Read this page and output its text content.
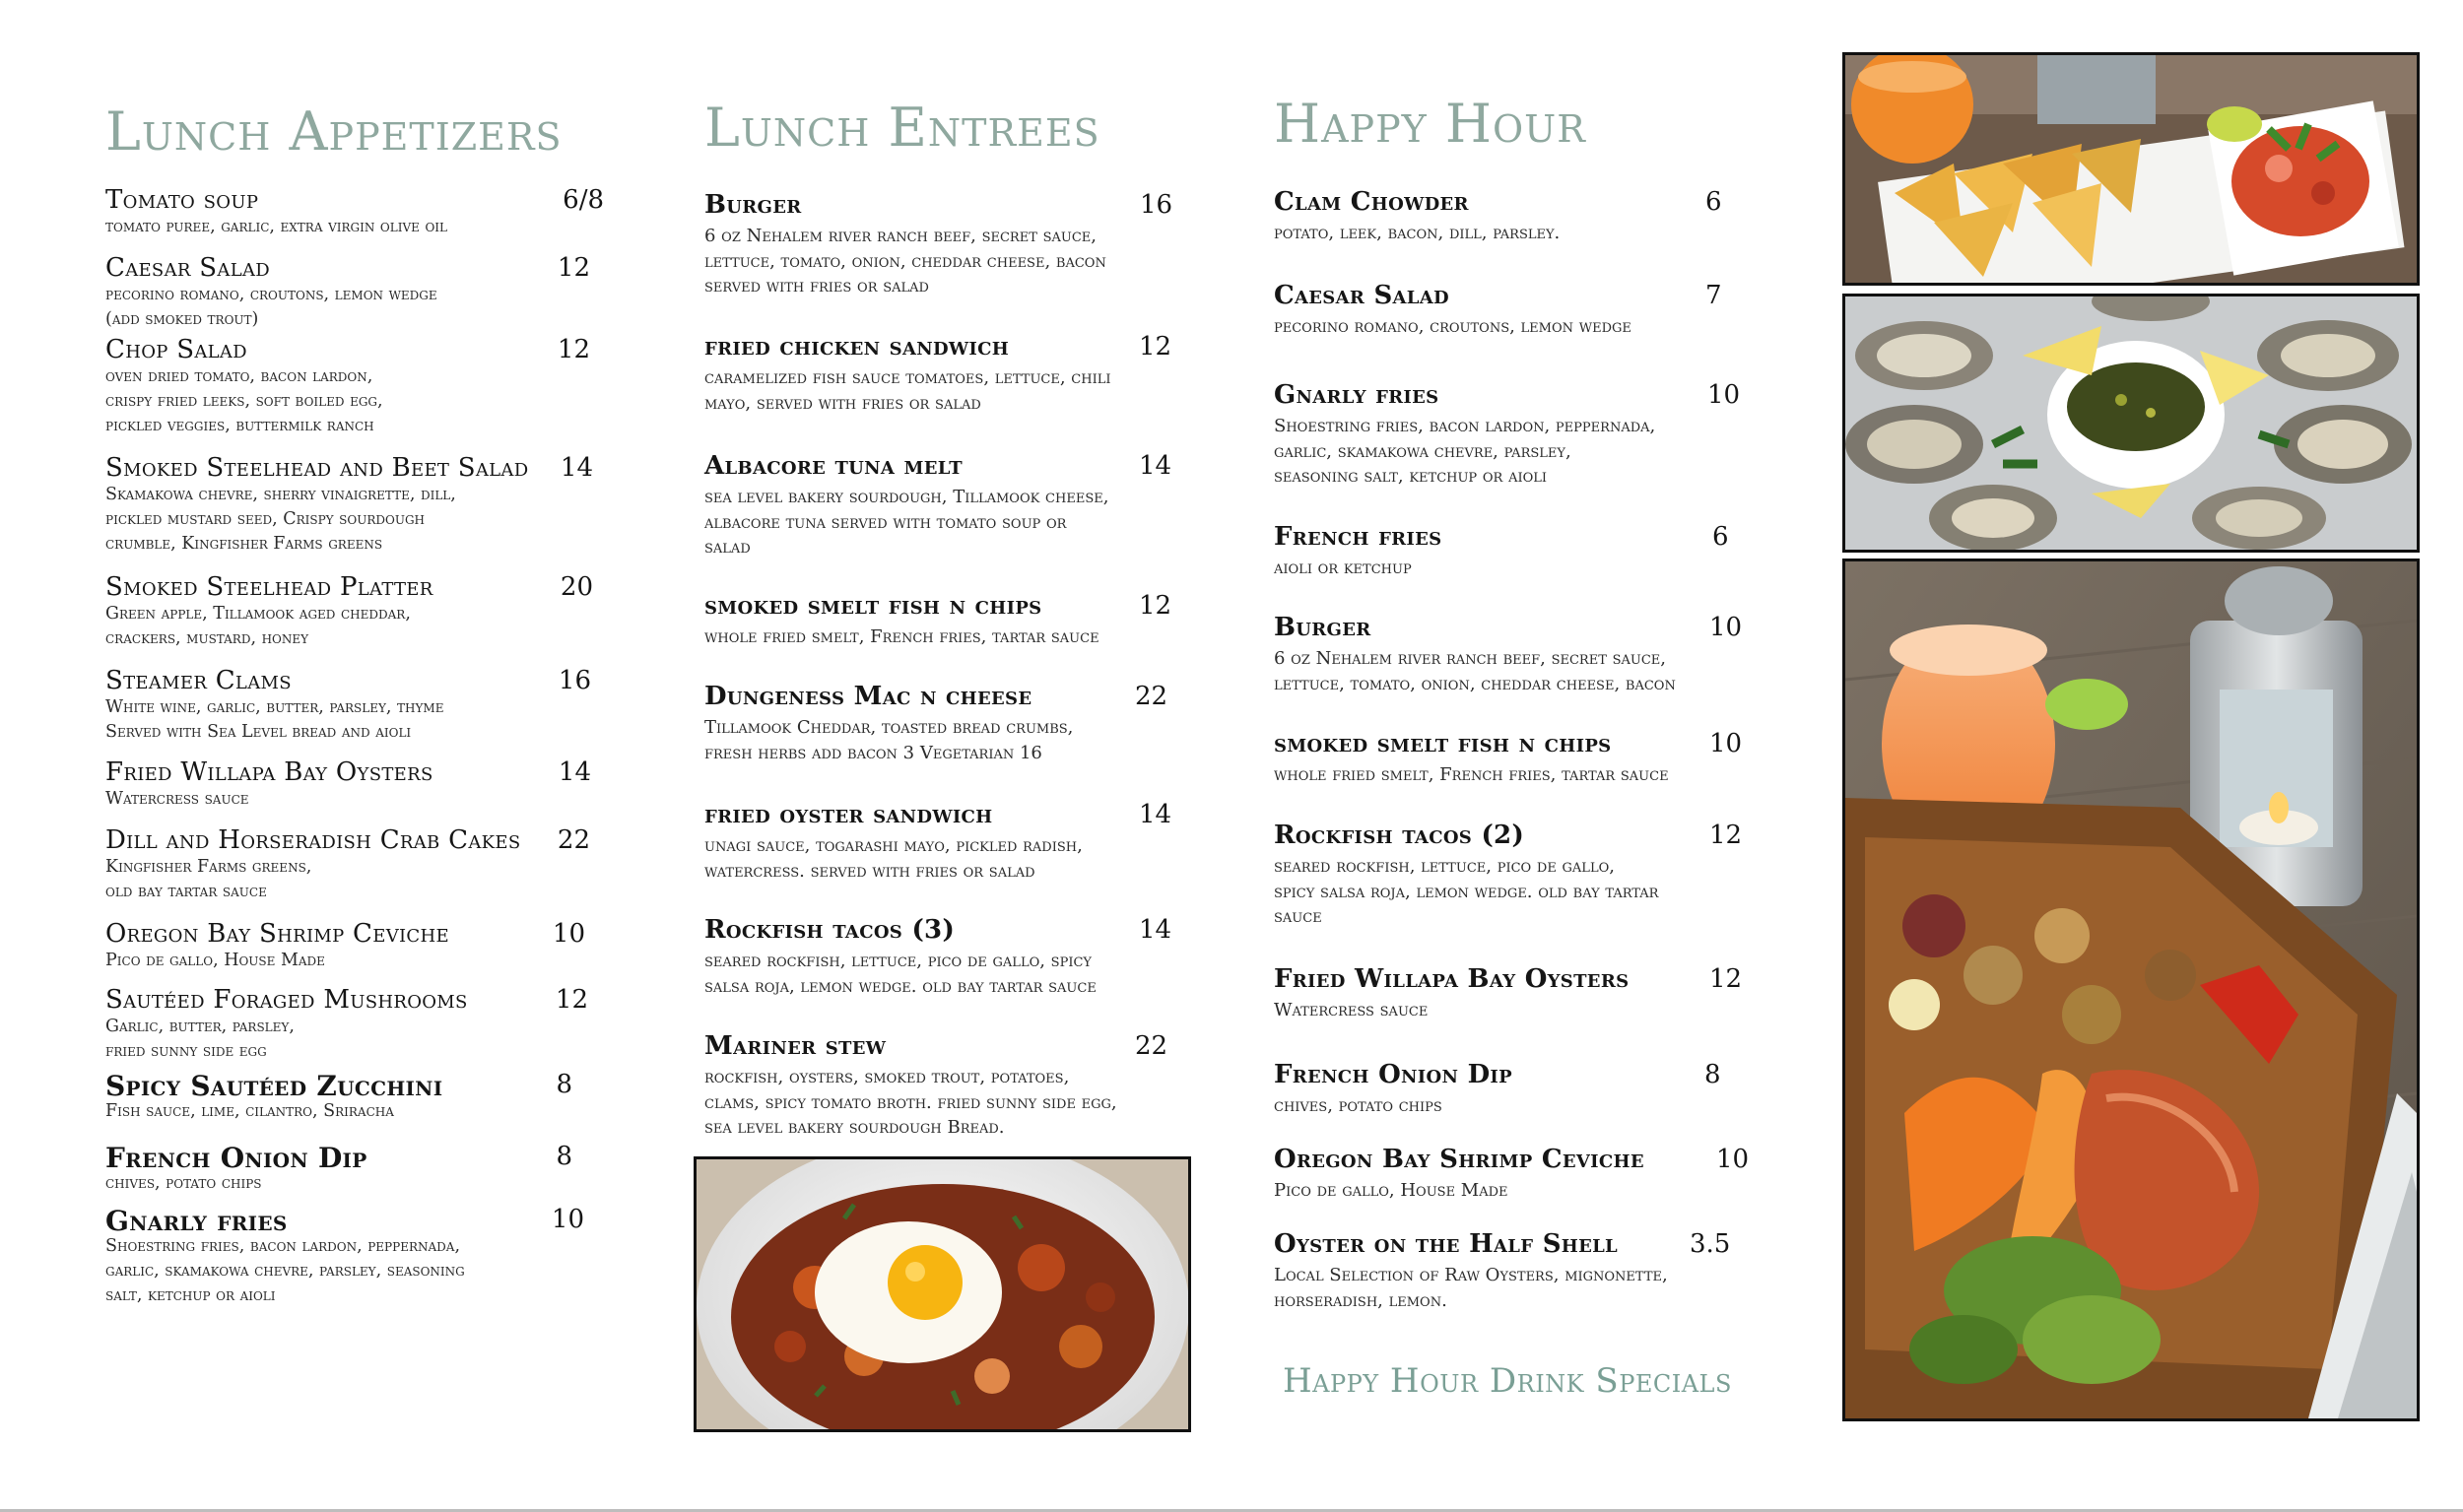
Lunch Appetizers
Tomato soup	6/8
tomato puree, garlic, extra virgin olive oil
Caesar Salad	12
pecorino romano, croutons, lemon wedge
(add smoked trout)
Chop Salad	12
oven dried tomato, bacon lardon,
crispy fried leeks, soft boiled egg,
pickled veggies, buttermilk ranch
Smoked Steelhead and Beet Salad 14
Skamakowa chevre, sherry vinaigrette, dill,
pickled mustard seed, Crispy sourdough
crumble, Kingfisher Farms greens
Smoked Steelhead Platter	20
Green apple, Tillamook aged cheddar,
crackers, mustard, honey
Steamer Clams	16
White wine, garlic, butter, parsley, thyme
Served with Sea Level bread and aioli
Fried Willapa Bay Oysters	14
Watercress sauce
Dill and Horseradish Crab Cakes 22
Kingfisher Farms greens,
old bay tartar sauce
Oregon Bay Shrimp Ceviche	10
Pico de gallo, House Made
Sautéed Foraged Mushrooms	12
Garlic, butter, parsley,
fried sunny side egg
Spicy Sautéed Zucchini	8
Fish sauce, lime, cilantro, Sriracha
French Onion Dip	8
chives, potato chips
Gnarly fries	10
Shoestring fries, bacon lardon, peppernada,
garlic, skamakowa chevre, parsley, seasoning
salt, ketchup or aioli
Lunch Entrees
Burger	16
6 oz Nehalem river ranch beef, secret sauce,
lettuce, tomato, onion, cheddar cheese, bacon
served with fries or salad
fried chicken sandwich	12
caramelized fish sauce tomatoes, lettuce, chili
mayo, served with fries or salad
Albacore tuna melt	14
sea level bakery sourdough, Tillamook cheese,
albacore tuna served with tomato soup or
salad
smoked smelt fish n chips	12
whole fried smelt, French fries, tartar sauce
Dungeness Mac n cheese	22
Tillamook Cheddar, toasted bread crumbs,
fresh herbs add bacon 3 Vegetarian 16
fried oyster sandwich	14
unagi sauce, togarashi mayo, pickled radish,
watercress. served with fries or salad
Rockfish tacos (3)	14
seared rockfish, lettuce, pico de gallo, spicy
salsa roja, lemon wedge. old bay tartar sauce
Mariner stew	22
rockfish, oysters, smoked trout, potatoes,
clams, spicy tomato broth. fried sunny side egg,
sea level bakery sourdough Bread.
Happy Hour
Clam Chowder	6
potato, leek, bacon, dill, parsley.
Caesar Salad	7
pecorino romano, croutons, lemon wedge
Gnarly fries	10
Shoestring fries, bacon lardon, peppernada,
garlic, skamakowa chevre, parsley,
seasoning salt, ketchup or aioli
French fries	6
aioli or ketchup
Burger	10
6 oz Nehalem river ranch beef, secret sauce,
lettuce, tomato, onion, cheddar cheese, bacon
smoked smelt fish n chips	10
whole fried smelt, French fries, tartar sauce
Rockfish tacos (2)	12
seared rockfish, lettuce, pico de gallo,
spicy salsa roja, lemon wedge. old bay tartar
sauce
Fried Willapa Bay Oysters	12
Watercress sauce
French Onion Dip	8
chives, potato chips
Oregon Bay Shrimp Ceviche	10
Pico de gallo, House Made
Oyster on the Half Shell	3.5
Local Selection of Raw Oysters, mignonette,
horseradish, lemon.
Happy Hour Drink Specials
